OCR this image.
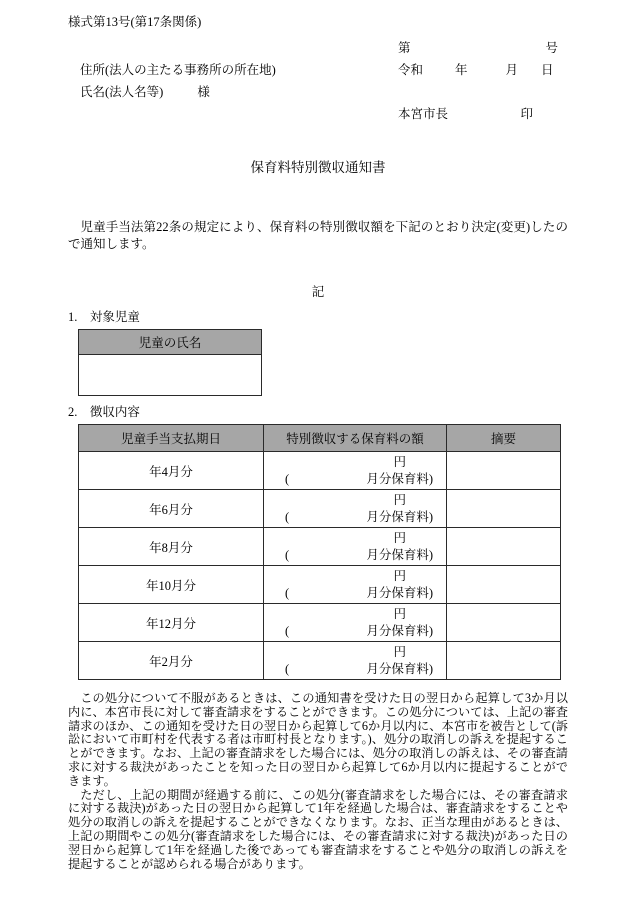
様式第13号(第17条関係)
住所(法人の主たる事務所の所在地)
氏名(法人名等)	様
第	号
令和	年	月 日
本宮市長	印
保育料特別徴収通知書

児童手当法第22条の規定により、保育料の特別徴収額を下記のとおり決定(変更)したので通知します。

記
1.　対象児童
児童の氏名

2.　徴収内容
児童手当支払期日	特別徴収する保育料の額	摘要
年4月分	円
( 月分保育料)	

年6月分	円
( 月分保育料)	

年8月分	円
( 月分保育料)	

年10月分	円
( 月分保育料)	

年12月分	円
( 月分保育料)	

年2月分	円
( 月分保育料)	

この処分について不服があるときは、この通知書を受けた日の翌日から起算して3か月以内に、本宮市長に対して審査請求をすることができます。この処分については、上記の審査請求のほか、この通知を受けた日の翌日から起算して6か月以内に、本宮市を被告として(訴訟において市町村を代表する者は市町村長となります。)、処分の取消しの訴えを提起することができます。なお、上記の審査請求をした場合には、処分の取消しの訴えは、その審査請求に対する裁決があったことを知った日の翌日から起算して6か月以内に提起することができます。

ただし、上記の期間が経過する前に、この処分(審査請求をした場合には、その審査請求に対する裁決)があった日の翌日から起算して1年を経過した場合は、審査請求をすることや処分の取消しの訴えを提起することができなくなります。なお、正当な理由があるときは、上記の期間やこの処分(審査請求をした場合には、その審査請求に対する裁決)があった日の翌日から起算して1年を経過した後であっても審査請求をすることや処分の取消しの訴えを提起することが認められる場合があります。
